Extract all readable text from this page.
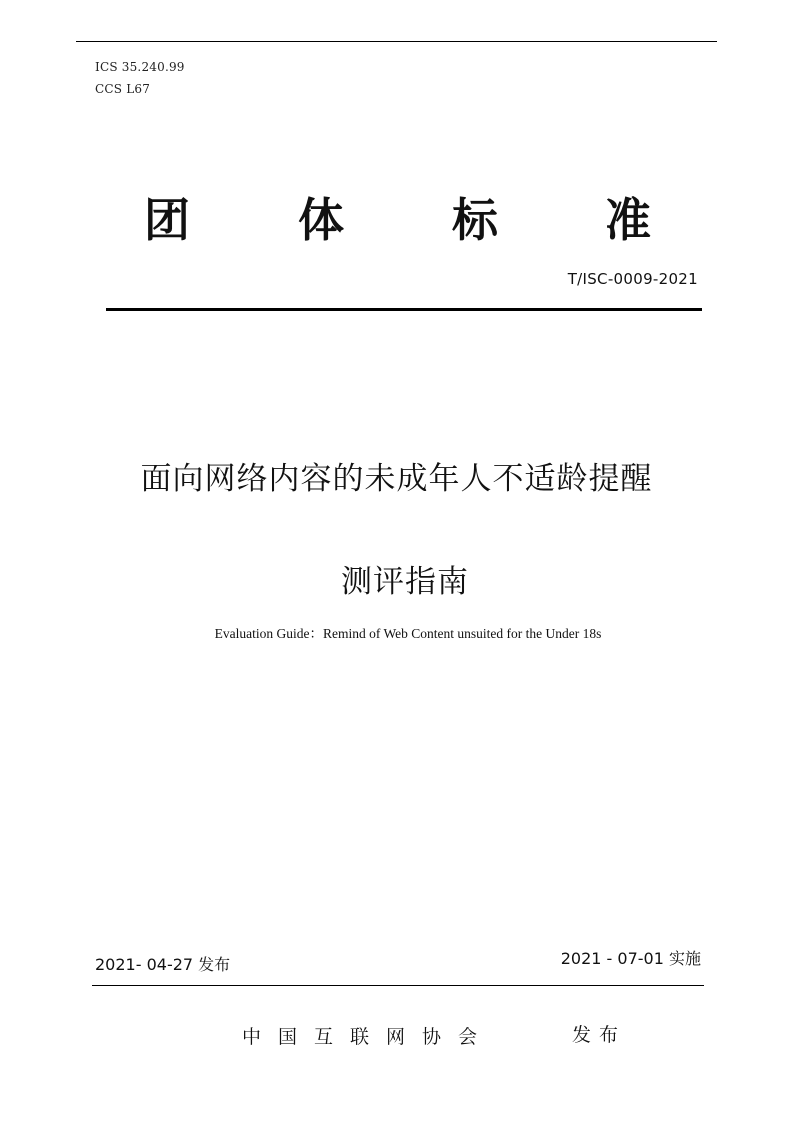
ICS 35.240.99
CCS L67
团 体 标 准
T/ISC-0009-2021
面向网络内容的未成年人不适龄提醒
测评指南
Evaluation Guide：Remind of Web Content unsuited for the Under 18s
2021- 04-27 发布	2021 - 07-01 实施
中国互联网协会	发布
